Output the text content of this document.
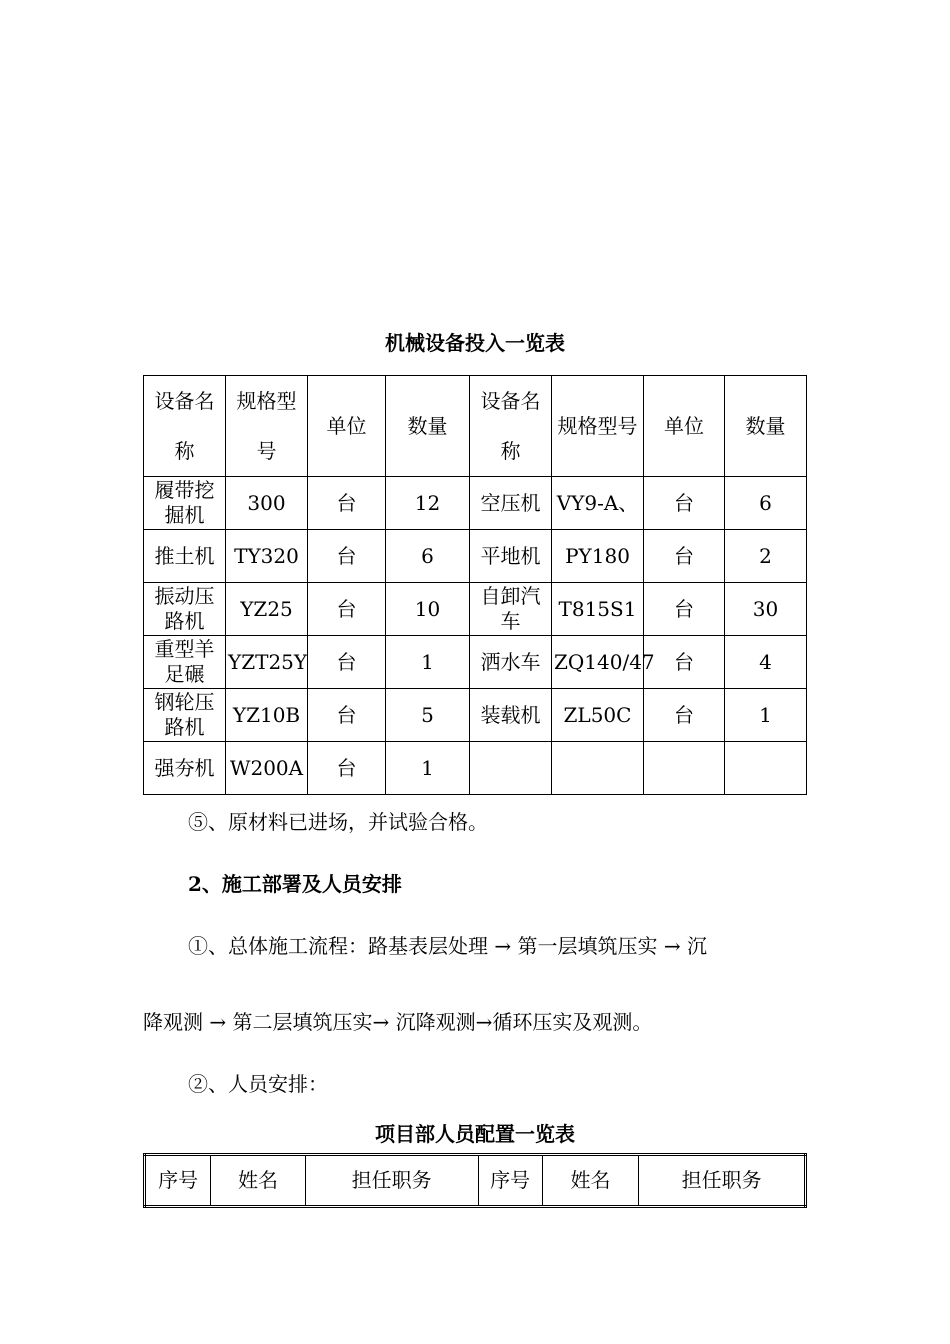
机械设备投入一览表
设备名称	规格型号	单位	数量	设备名称	规格型号	单位	数量
履带挖掘机	300	台	12	空压机	VY9-A、	台	6
推土机	TY320	台	6	平地机	PY180	台	2
振动压路机	YZ25	台	10	自卸汽车	T815S1	台	30
重型羊足碾	YZT25Y	台	1	洒水车	ZQ140/47	台	4
钢轮压路机	YZ10B	台	5	装载机	ZL50C	台	1
强夯机	W200A	台	1				
⑤、原材料已进场，并试验合格。
2、施工部署及人员安排
①、总体施工流程：路基表层处理 → 第一层填筑压实 → 沉
降观测 → 第二层填筑压实→ 沉降观测→循环压实及观测。
②、人员安排：
项目部人员配置一览表
序号	姓名	担任职务	序号	姓名	担任职务
